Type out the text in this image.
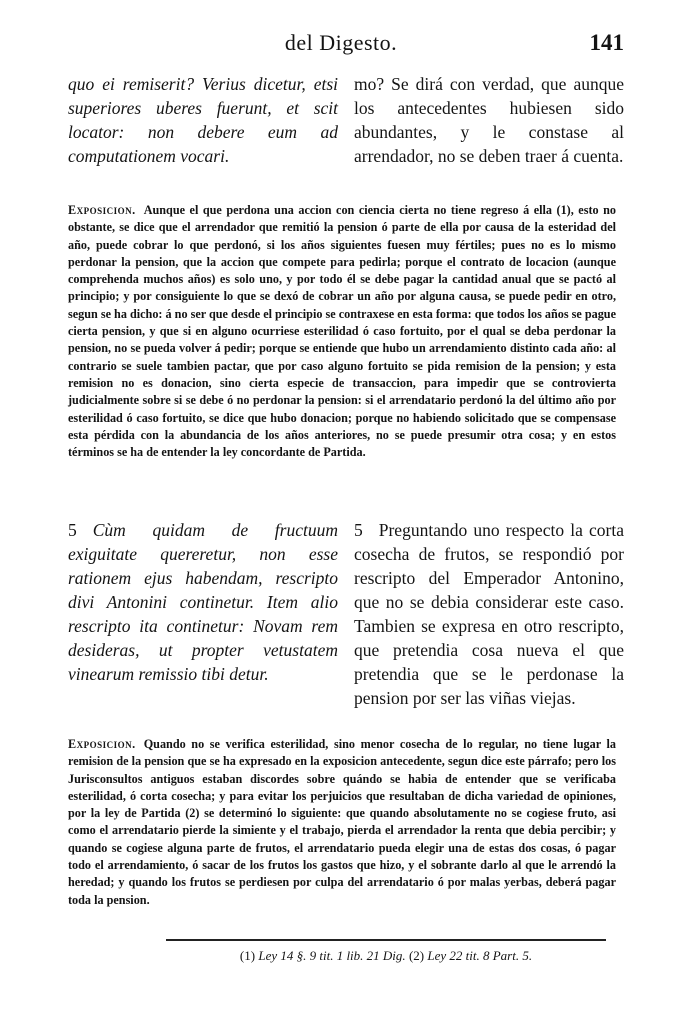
del Digesto.	141
quo ei remiserit? Verius dicetur, etsi superiores uberes fuerunt, et scit locator: non debere eum ad computationem vocari.
mo? Se dirá con verdad, que aunque los antecedentes hubiesen sido abundantes, y le constase al arrendador, no se deben traer á cuenta.
Exposicion. Aunque el que perdona una accion con ciencia cierta no tiene regreso á ella (1), esto no obstante, se dice que el arrendador que remitió la pension ó parte de ella por causa de la esteridad del año, puede cobrar lo que perdonó, si los años siguientes fuesen muy fértiles; pues no es lo mismo perdonar la pension, que la accion que compete para pedirla; porque el contrato de locacion (aunque comprehenda muchos años) es solo uno, y por todo él se debe pagar la cantidad anual que se pactó al principio; y por consiguiente lo que se dexó de cobrar un año por alguna causa, se puede pedir en otro, segun se ha dicho: á no ser que desde el principio se contraxese en esta forma: que todos los años se pague cierta pension, y que si en alguno ocurriese esterilidad ó caso fortuito, por el qual se deba perdonar la pension, no se pueda volver á pedir; porque se entiende que hubo un arrendamiento distinto cada año: al contrario se suele tambien pactar, que por caso alguno fortuito se pida remision de la pension; y esta remision no es donacion, sino cierta especie de transaccion, para impedir que se controvierta judicialmente sobre si se debe ó no perdonar la pension: si el arrendatario perdonó la del último año por esterilidad ó caso fortuito, se dice que hubo donacion; porque no habiendo solicitado que se compensase esta pérdida con la abundancia de los años anteriores, no se puede presumir otra cosa; y en estos términos se ha de entender la ley concordante de Partida.
5 Cùm quidam de fructuum exiguitate quereretur, non esse rationem ejus habendam, rescripto divi Antonini continetur. Item alio rescripto ita continetur: Novam rem desideras, ut propter vetustatem vinearum remissio tibi detur.
5 Preguntando uno respecto la corta cosecha de frutos, se respondió por rescripto del Emperador Antonino, que no se debia considerar este caso. Tambien se expresa en otro rescripto, que pretendia cosa nueva el que pretendia que se le perdonase la pension por ser las viñas viejas.
Exposicion. Quando no se verifica esterilidad, sino menor cosecha de lo regular, no tiene lugar la remision de la pension que se ha expresado en la exposicion antecedente, segun dice este párrafo; pero los Jurisconsultos antiguos estaban discordes sobre quándo se habia de entender que se verificaba esterilidad, ó corta cosecha; y para evitar los perjuicios que resultaban de dicha variedad de opiniones, por la ley de Partida (2) se determinó lo siguiente: que quando absolutamente no se cogiese fruto, asi como el arrendatario pierde la simiente y el trabajo, pierda el arrendador la renta que debia percibir; y quando se cogiese alguna parte de frutos, el arrendatario pueda elegir una de estas dos cosas, ó pagar todo el arrendamiento, ó sacar de los frutos los gastos que hizo, y el sobrante darlo al que le arrendó la heredad; y quando los frutos se perdiesen por culpa del arrendatario ó por malas yerbas, deberá pagar toda la pension.
(1) Ley 14 §. 9 tit. 1 lib. 21 Dig. (2) Ley 22 tit. 8 Part. 5.
